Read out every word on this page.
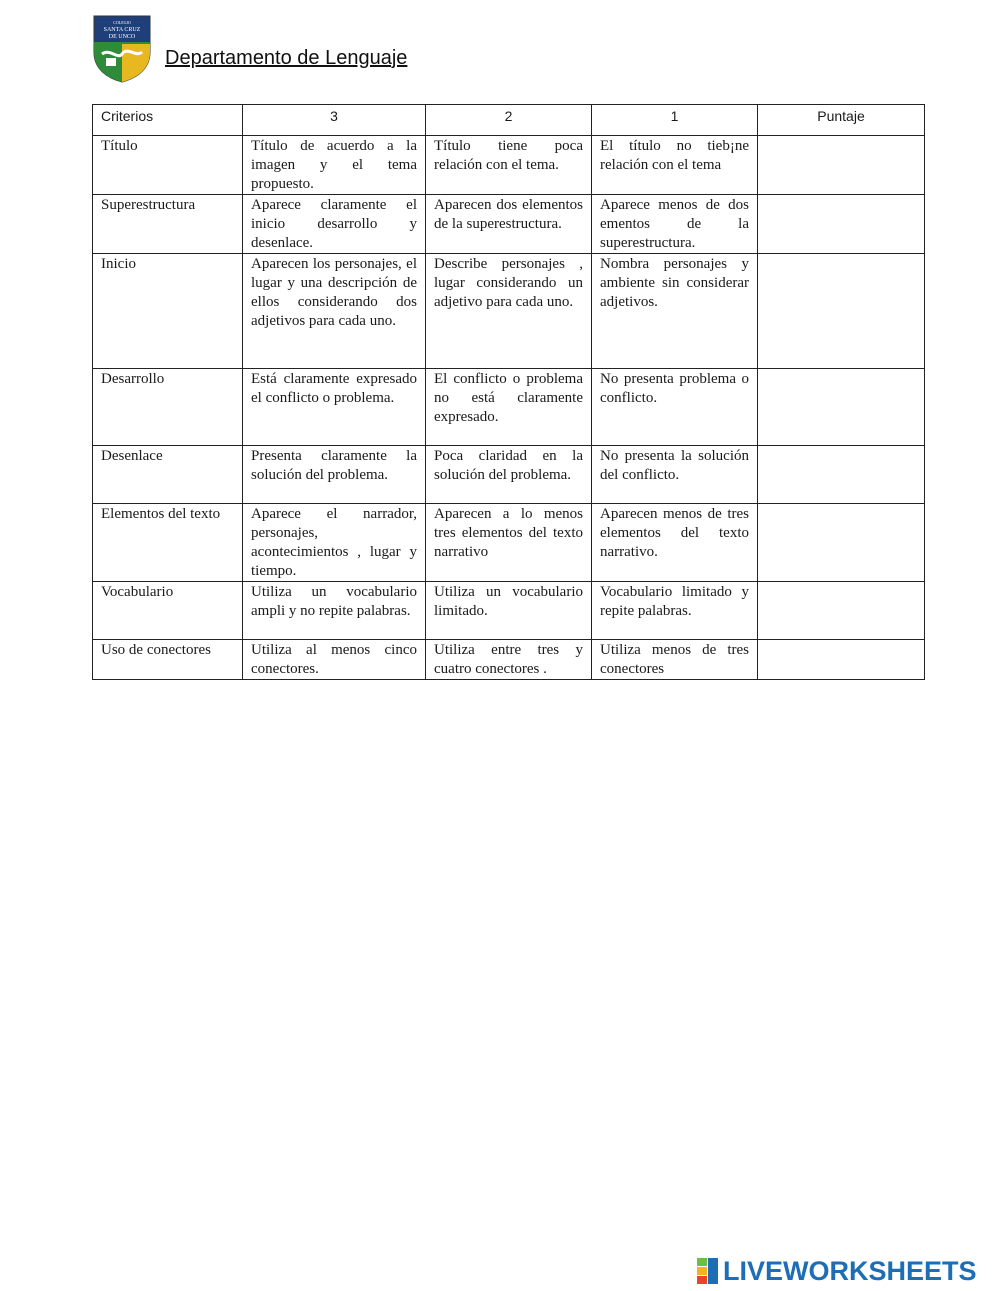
COLEGIO
SANTA CRUZ
DE UNCO
Departamento de Lenguaje
Criterios	3	2	1	Puntaje
Título	Título de acuerdo a la imagen y el tema propuesto.	Título tiene poca relación con el tema.	El título no tieb¡ne relación con el tema	
Superestructura	Aparece claramente el inicio desarrollo y desenlace.	Aparecen dos elementos de la superestructura.	Aparece menos de dos ementos de la superestructura.	
Inicio	Aparecen los personajes, el lugar y una descripción de ellos considerando dos adjetivos para cada uno.	Describe personajes , lugar considerando un adjetivo para cada uno.	Nombra personajes y ambiente sin considerar adjetivos.	
Desarrollo	Está claramente expresado el conflicto o problema.	El conflicto o problema no está claramente expresado.	No presenta problema o conflicto.	
Desenlace	Presenta claramente la solución del problema.	Poca claridad en la solución del problema.	No presenta la solución del conflicto.	
Elementos del texto	Aparece el narrador, personajes, acontecimientos , lugar y tiempo.	Aparecen a lo menos tres elementos del texto narrativo	Aparecen menos de tres elementos del texto narrativo.	
Vocabulario	Utiliza un vocabulario ampli y no repite palabras.	Utiliza un vocabulario limitado.	Vocabulario limitado y repite palabras.	
Uso de conectores	Utiliza al menos cinco conectores.	Utiliza entre tres y cuatro conectores .	Utiliza menos de tres conectores	
LIVEWORKSHEETS
